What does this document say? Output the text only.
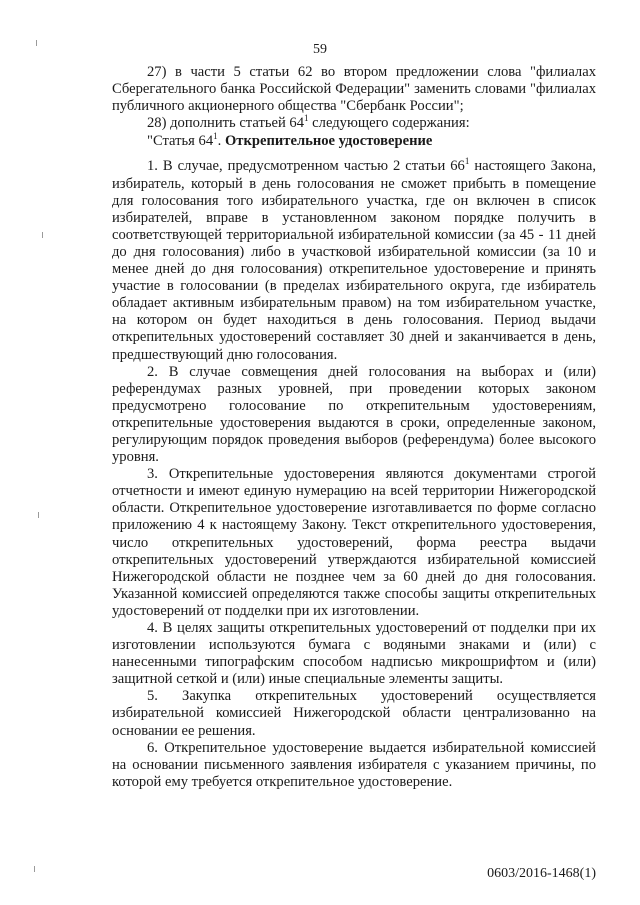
59

27) в части 5 статьи 62 во втором предложении слова "филиалах Сберегательного банка Российской Федерации" заменить словами "филиалах публичного акционерного общества "Сбербанк России";

28) дополнить статьей $64^1$ следующего содержания:

"Статья $64^1$. Открепительное удостоверение

1. В случае, предусмотренном частью 2 статьи $66^1$ настоящего Закона, избиратель, который в день голосования не сможет прибыть в помещение для голосования того избирательного участка, где он включен в список избирателей, вправе в установленном законом порядке получить в соответствующей территориальной избирательной комиссии (за 45 - 11 дней до дня голосования) либо в участковой избирательной комиссии (за 10 и менее дней до дня голосования) открепительное удостоверение и принять участие в голосовании (в пределах избирательного округа, где избиратель обладает активным избирательным правом) на том избирательном участке, на котором он будет находиться в день голосования. Период выдачи открепительных удостоверений составляет 30 дней и заканчивается в день, предшествующий дню голосования.

2. В случае совмещения дней голосования на выборах и (или) референдумах разных уровней, при проведении которых законом предусмотрено голосование по открепительным удостоверениям, открепительные удостоверения выдаются в сроки, определенные законом, регулирующим порядок проведения выборов (референдума) более высокого уровня.

3. Открепительные удостоверения являются документами строгой отчетности и имеют единую нумерацию на всей территории Нижегородской области. Открепительное удостоверение изготавливается по форме согласно приложению 4 к настоящему Закону. Текст открепительного удостоверения, число открепительных удостоверений, форма реестра выдачи открепительных удостоверений утверждаются избирательной комиссией Нижегородской области не позднее чем за 60 дней до дня голосования. Указанной комиссией определяются также способы защиты открепительных удостоверений от подделки при их изготовлении.

4. В целях защиты открепительных удостоверений от подделки при их изготовлении используются бумага с водяными знаками и (или) с нанесенными типографским способом надписью микрошрифтом и (или) защитной сеткой и (или) иные специальные элементы защиты.

5. Закупка открепительных удостоверений осуществляется избирательной комиссией Нижегородской области централизованно на основании ее решения.

6. Открепительное удостоверение выдается избирательной комиссией на основании письменного заявления избирателя с указанием причины, по которой ему требуется открепительное удостоверение.

0603/2016-1468(1)
